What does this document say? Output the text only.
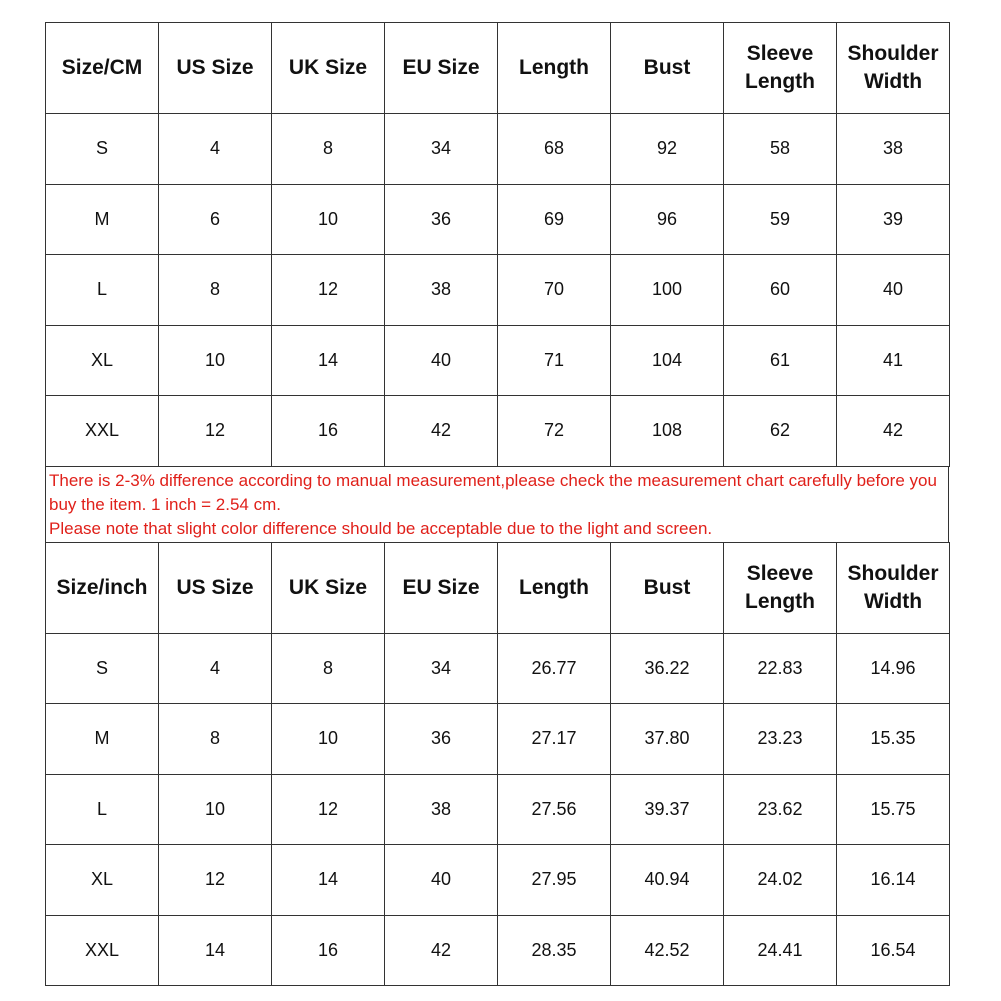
Size/CM	US Size	UK Size	EU Size	Length	Bust	Sleeve Length	Shoulder Width
S	4	8	34	68	92	58	38
M	6	10	36	69	96	59	39
L	8	12	38	70	100	60	40
XL	10	14	40	71	104	61	41
XXL	12	16	42	72	108	62	42

There is 2-3% difference according to manual measurement,please check the measurement chart carefully before you buy the item. 1 inch = 2.54 cm.

Please note that slight color difference should be acceptable due to the light and screen.

Size/inch	US Size	UK Size	EU Size	Length	Bust	Sleeve Length	Shoulder Width
S	4	8	34	26.77	36.22	22.83	14.96
M	8	10	36	27.17	37.80	23.23	15.35
L	10	12	38	27.56	39.37	23.62	15.75
XL	12	14	40	27.95	40.94	24.02	16.14
XXL	14	16	42	28.35	42.52	24.41	16.54
